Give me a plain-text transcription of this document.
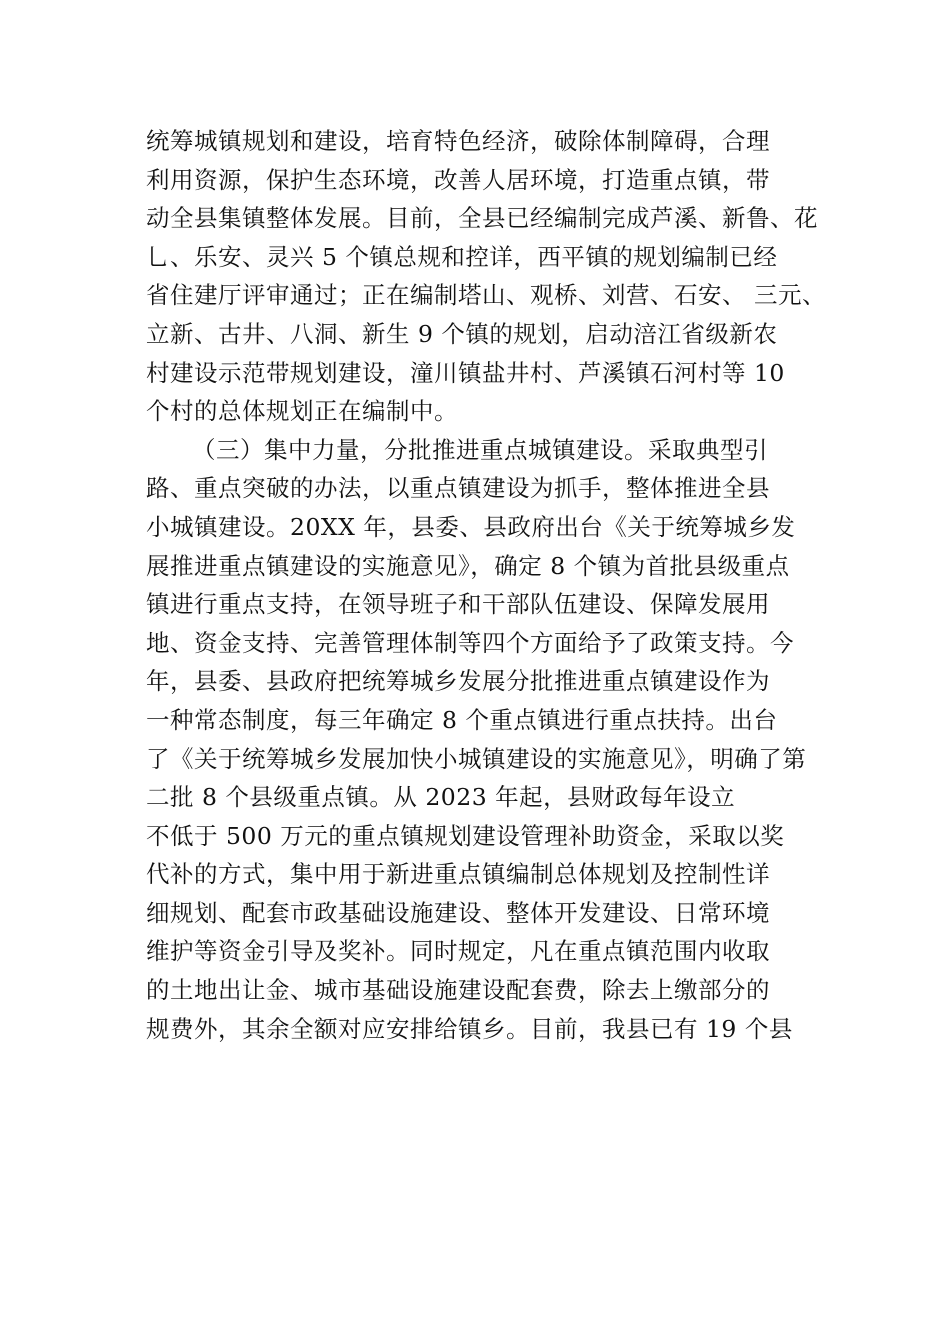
统筹城镇规划和建设，培育特色经济，破除体制障碍，合理
利用资源，保护生态环境，改善人居环境，打造重点镇，带
动全县集镇整体发展。目前，全县已经编制完成芦溪、新鲁、花
乚、乐安、灵兴 5 个镇总规和控详，西平镇的规划编制已经
省住建厅评审通过；正在编制塔山、观桥、刘营、石安、 三元、
立新、古井、八洞、新生 9 个镇的规划，启动涪江省级新农
村建设示范带规划建设，潼川镇盐井村、芦溪镇石河村等 10
个村的总体规划正在编制中。
（三）集中力量，分批推进重点城镇建设。采取典型引
路、重点突破的办法，以重点镇建设为抓手，整体推进全县
小城镇建设。20XX 年，县委、县政府出台《关于统筹城乡发
展推进重点镇建设的实施意见》，确定 8 个镇为首批县级重点
镇进行重点支持，在领导班子和干部队伍建设、保障发展用
地、资金支持、完善管理体制等四个方面给予了政策支持。今
年，县委、县政府把统筹城乡发展分批推进重点镇建设作为
一种常态制度，每三年确定 8 个重点镇进行重点扶持。出台
了《关于统筹城乡发展加快小城镇建设的实施意见》，明确了第
二批 8 个县级重点镇。从 2023 年起，县财政每年设立
不低于 500 万元的重点镇规划建设管理补助资金，采取以奖
代补的方式，集中用于新进重点镇编制总体规划及控制性详
细规划、配套市政基础设施建设、整体开发建设、日常环境
维护等资金引导及奖补。同时规定，凡在重点镇范围内收取
的土地出让金、城市基础设施建设配套费，除去上缴部分的
规费外，其余全额对应安排给镇乡。目前，我县已有 19 个县
